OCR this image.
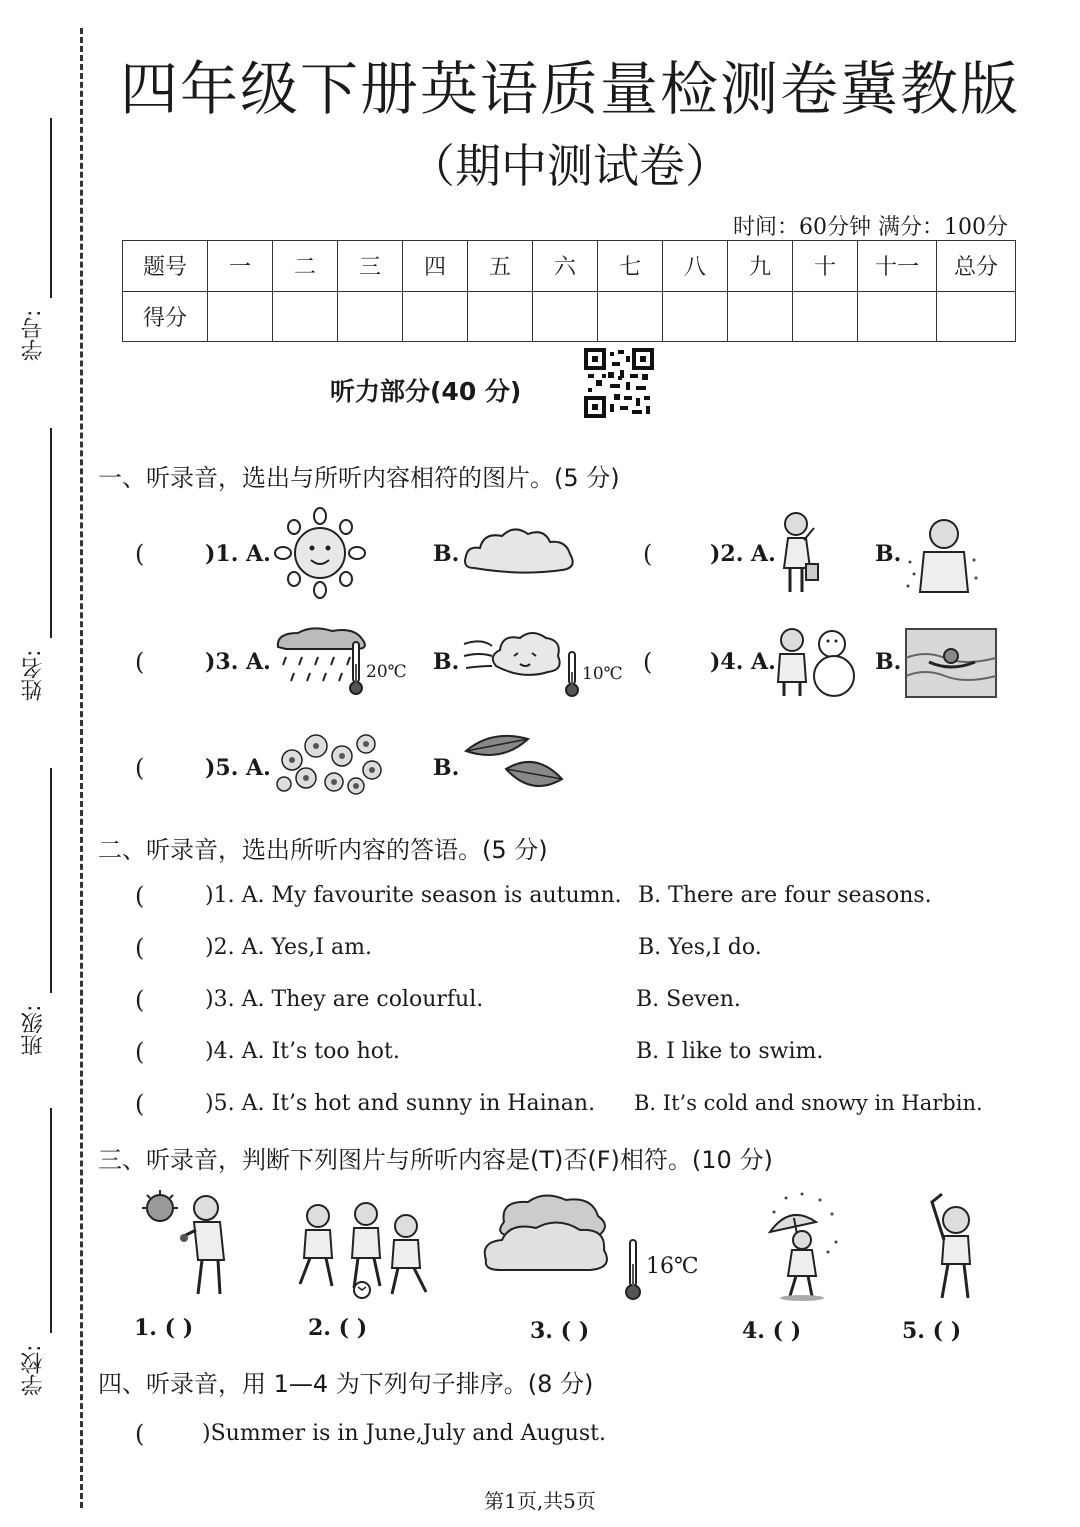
学号:
姓名:
班级:
学校:
四年级下册英语质量检测卷冀教版
（期中测试卷）
时间：60分钟 满分：100分
题号	一	二	三	四	五	六	七	八	九	十	十一	总分
得分												
听力部分(40 分)
一、听录音，选出与所听内容相符的图片。(5 分)
(	)1. A.	B.	(	)2. A.	B.
(	)3. A.	20℃ B.	10℃ (	)4. A.	B.
(	)5. A.	B.
二、听录音，选出所听内容的答语。(5 分)
(	)1. A. My favourite season is autumn. B. There are four seasons.
(	)2. A. Yes,I am.	B. Yes,I do.
(	)3. A. They are colourful.	B. Seven.
(	)4. A. It’s too hot.	B. I like to swim.
(	)5. A. It’s hot and sunny in Hainan. B. It’s cold and snowy in Harbin.
三、听录音，判断下列图片与所听内容是(T)否(F)相符。(10 分)
1. ( )	2. ( )
16℃
3. ( )	4. ( )	5. ( )
四、听录音，用 1—4 为下列句子排序。(8 分)
(	)Summer is in June,July and August.
第1页,共5页
